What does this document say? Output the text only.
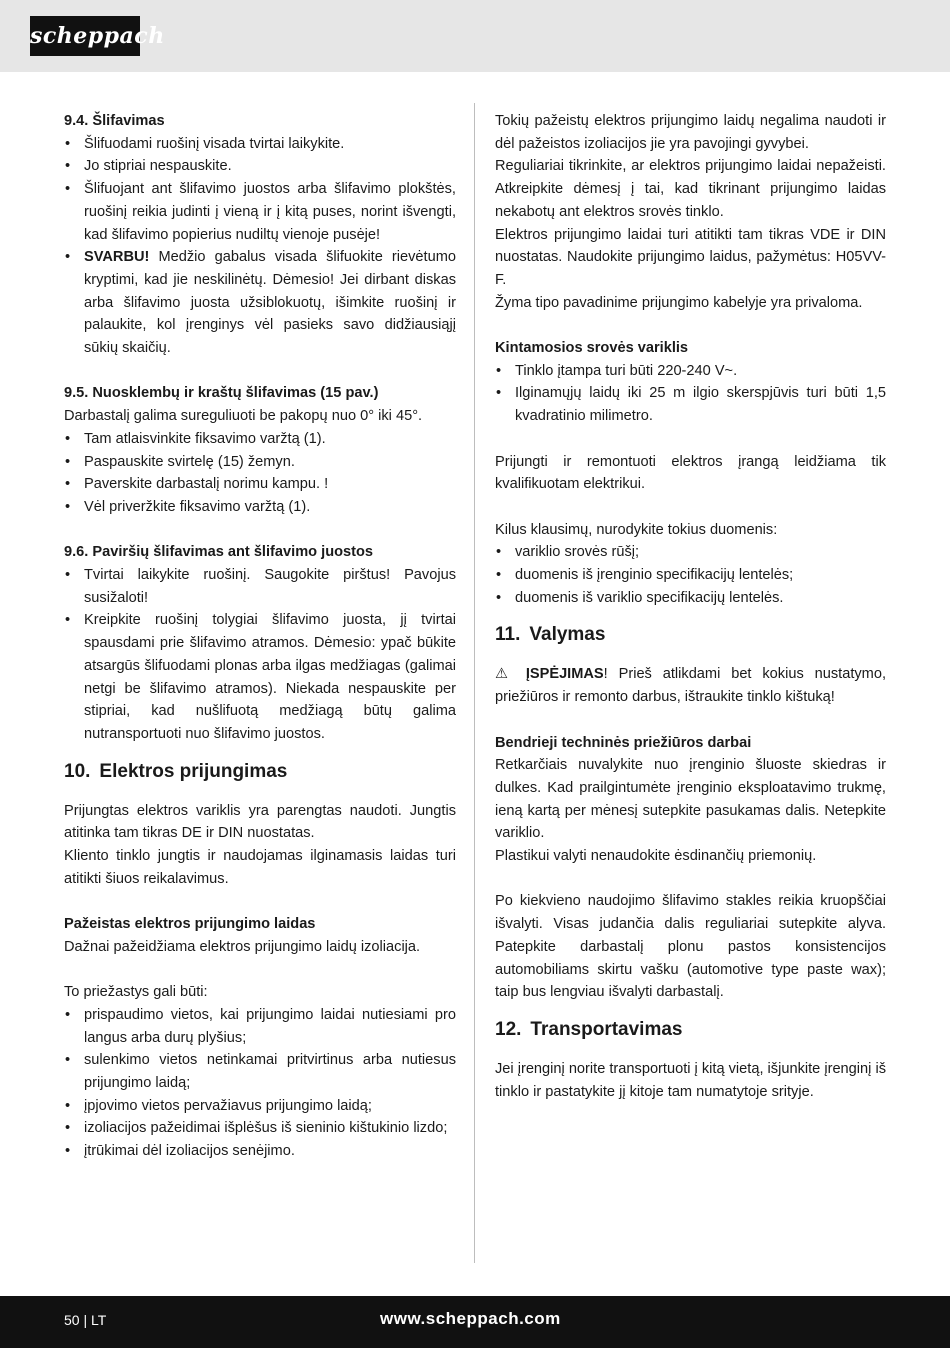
scheppach

9.4. Šlifavimas

• Šlifuodami ruošinį visada tvirtai laikykite.
• Jo stipriai nespauskite.
• Šlifuojant ant šlifavimo juostos arba šlifavimo plokštės, ruošinį reikia judinti į vieną ir į kitą puses, norint išvengti, kad šlifavimo popierius nudiltų vienoje pusėje!
• SVARBU! Medžio gabalus visada šlifuokite rievėtumo kryptimi, kad jie neskilinėtų. Dėmesio! Jei dirbant diskas arba šlifavimo juosta užsiblokuotų, išimkite ruošinį ir palaukite, kol įrenginys vėl pasieks savo didžiausiąjį sūkių skaičių.

9.5. Nuosklembų ir kraštų šlifavimas (15 pav.)

Darbastalį galima sureguliuoti be pakopų nuo 0° iki 45°.

• Tam atlaisvinkite fiksavimo varžtą (1).
• Paspauskite svirtelę (15) žemyn.
• Paverskite darbastalį norimu kampu. !
• Vėl priveržkite fiksavimo varžtą (1).

9.6. Paviršių šlifavimas ant šlifavimo juostos

• Tvirtai laikykite ruošinį. Saugokite pirštus! Pavojus susižaloti!
• Kreipkite ruošinį tolygiai šlifavimo juosta, jį tvirtai spausdami prie šlifavimo atramos. Dėmesio: ypač būkite atsargūs šlifuodami plonas arba ilgas medžiagas (galimai netgi be šlifavimo atramos). Niekada nespauskite per stipriai, kad nušlifuotą medžiagą būtų galima nutransportuoti nuo šlifavimo juostos.
10. Elektros prijungimas

Prijungtas elektros variklis yra parengtas naudoti. Jungtis atitinka tam tikras DE ir DIN nuostatas.

Kliento tinklo jungtis ir naudojamas ilginamasis laidas turi atitikti šiuos reikalavimus.

Pažeistas elektros prijungimo laidas

Dažnai pažeidžiama elektros prijungimo laidų izoliacija.

To priežastys gali būti:

• prispaudimo vietos, kai prijungimo laidai nutiesiami pro langus arba durų plyšius;
• sulenkimo vietos netinkamai pritvirtinus arba nutiesus prijungimo laidą;
• įpjovimo vietos pervažiavus prijungimo laidą;
• izoliacijos pažeidimai išplėšus iš sieninio kištukinio lizdo;
• įtrūkimai dėl izoliacijos senėjimo.

Tokių pažeistų elektros prijungimo laidų negalima naudoti ir dėl pažeistos izoliacijos jie yra pavojingi gyvybei.

Reguliariai tikrinkite, ar elektros prijungimo laidai nepažeisti. Atkreipkite dėmesį į tai, kad tikrinant prijungimo laidas nekabotų ant elektros srovės tinklo.

Elektros prijungimo laidai turi atitikti tam tikras VDE ir DIN nuostatas. Naudokite prijungimo laidus, pažymėtus: H05VV-F.

Žyma tipo pavadinime prijungimo kabelyje yra privaloma.

Kintamosios srovės variklis

• Tinklo įtampa turi būti 220-240 V~.
• Ilginamųjų laidų iki 25 m ilgio skerspjūvis turi būti 1,5 kvadratinio milimetro.

Prijungti ir remontuoti elektros įrangą leidžiama tik kvalifikuotam elektrikui.

Kilus klausimų, nurodykite tokius duomenis:

• variklio srovės rūšį;
• duomenis iš įrenginio specifikacijų lentelės;
• duomenis iš variklio specifikacijų lentelės.
11. Valymas

⚠ ĮSPĖJIMAS! Prieš atlikdami bet kokius nustatymo, priežiūros ir remonto darbus, ištraukite tinklo kištuką!

Bendrieji techninės priežiūros darbai

Retkarčiais nuvalykite nuo įrenginio šluoste skiedras ir dulkes. Kad prailgintumėte įrenginio eksploatavimo trukmę, ieną kartą per mėnesį sutepkite pasukamas dalis. Netepkite variklio.

Plastikui valyti nenaudokite ėsdinančių priemonių.

Po kiekvieno naudojimo šlifavimo stakles reikia kruopščiai išvalyti. Visas judančia dalis reguliariai sutepkite alyva. Patepkite darbastalį plonu pastos konsistencijos automobiliams skirtu vašku (automotive type paste wax); taip bus lengviau išvalyti darbastalį.

12. Transportavimas

Jei įrenginį norite transportuoti į kitą vietą, išjunkite įrenginį iš tinklo ir pastatykite jį kitoje tam numatytoje srityje.

50 | LT	www.scheppach.com
